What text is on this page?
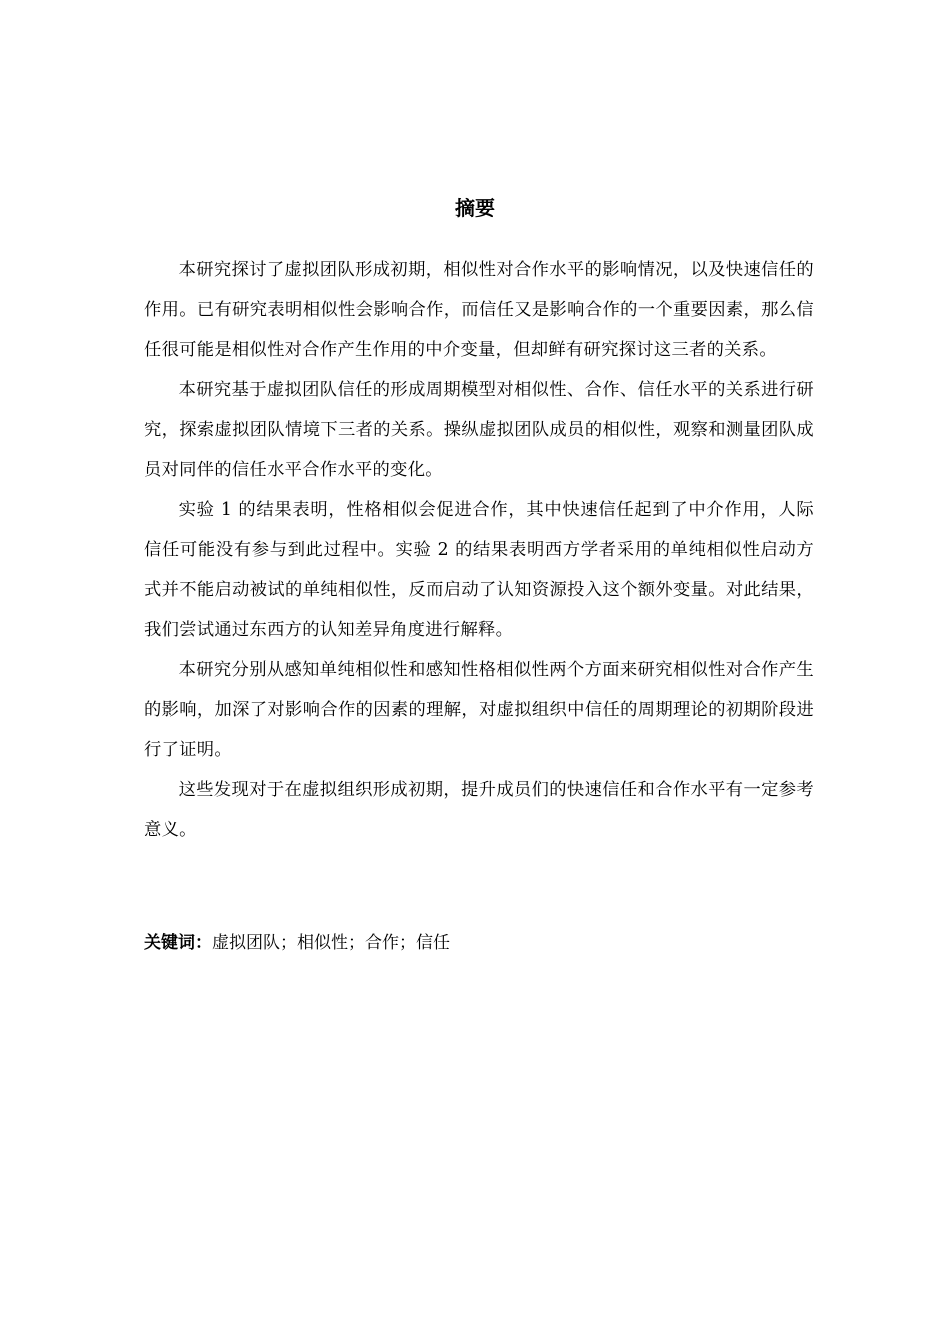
摘要

本研究探讨了虚拟团队形成初期，相似性对合作水平的影响情况，以及快速信任的作用。已有研究表明相似性会影响合作，而信任又是影响合作的一个重要因素，那么信任很可能是相似性对合作产生作用的中介变量，但却鲜有研究探讨这三者的关系。

本研究基于虚拟团队信任的形成周期模型对相似性、合作、信任水平的关系进行研究，探索虚拟团队情境下三者的关系。操纵虚拟团队成员的相似性，观察和测量团队成员对同伴的信任水平合作水平的变化。

实验 1 的结果表明，性格相似会促进合作，其中快速信任起到了中介作用，人际信任可能没有参与到此过程中。实验 2 的结果表明西方学者采用的单纯相似性启动方式并不能启动被试的单纯相似性，反而启动了认知资源投入这个额外变量。对此结果，我们尝试通过东西方的认知差异角度进行解释。

本研究分别从感知单纯相似性和感知性格相似性两个方面来研究相似性对合作产生的影响，加深了对影响合作的因素的理解，对虚拟组织中信任的周期理论的初期阶段进行了证明。

这些发现对于在虚拟组织形成初期，提升成员们的快速信任和合作水平有一定参考意义。

关键词：虚拟团队；相似性；合作；信任
